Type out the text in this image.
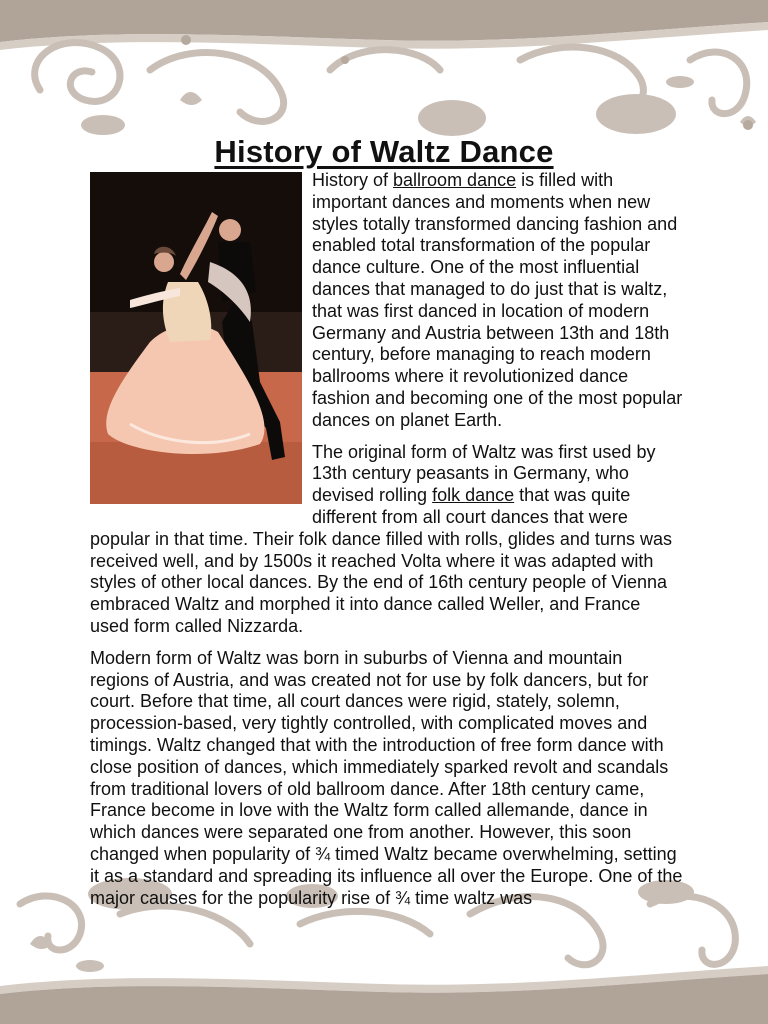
History of Waltz Dance

History of ballroom dance is filled with important dances and moments when new styles totally transformed dancing fashion and enabled total transformation of the popular dance culture. One of the most influential dances that managed to do just that is waltz, that was first danced in location of modern Germany and Austria between 13th and 18th century, before managing to reach modern ballrooms where it revolutionized dance fashion and becoming one of the most popular dances on planet Earth.

The original form of Waltz was first used by 13th century peasants in Germany, who devised rolling folk dance that was quite different from all court dances that were popular in that time. Their folk dance filled with rolls, glides and turns was received well, and by 1500s it reached Volta where it was adapted with styles of other local dances. By the end of 16th century people of Vienna embraced Waltz and morphed it into dance called Weller, and France used form called Nizzarda.

Modern form of Waltz was born in suburbs of Vienna and mountain regions of Austria, and was created not for use by folk dancers, but for court. Before that time, all court dances were rigid, stately, solemn, procession-based, very tightly controlled, with complicated moves and timings. Waltz changed that with the introduction of free form dance with close position of dances, which immediately sparked revolt and scandals from traditional lovers of old ballroom dance. After 18th century came, France become in love with the Waltz form called allemande, dance in which dances were separated one from another. However, this soon changed when popularity of ¾ timed Waltz became overwhelming, setting it as a standard and spreading its influence all over the Europe. One of the major causes for the popularity rise of ¾ time waltz was
